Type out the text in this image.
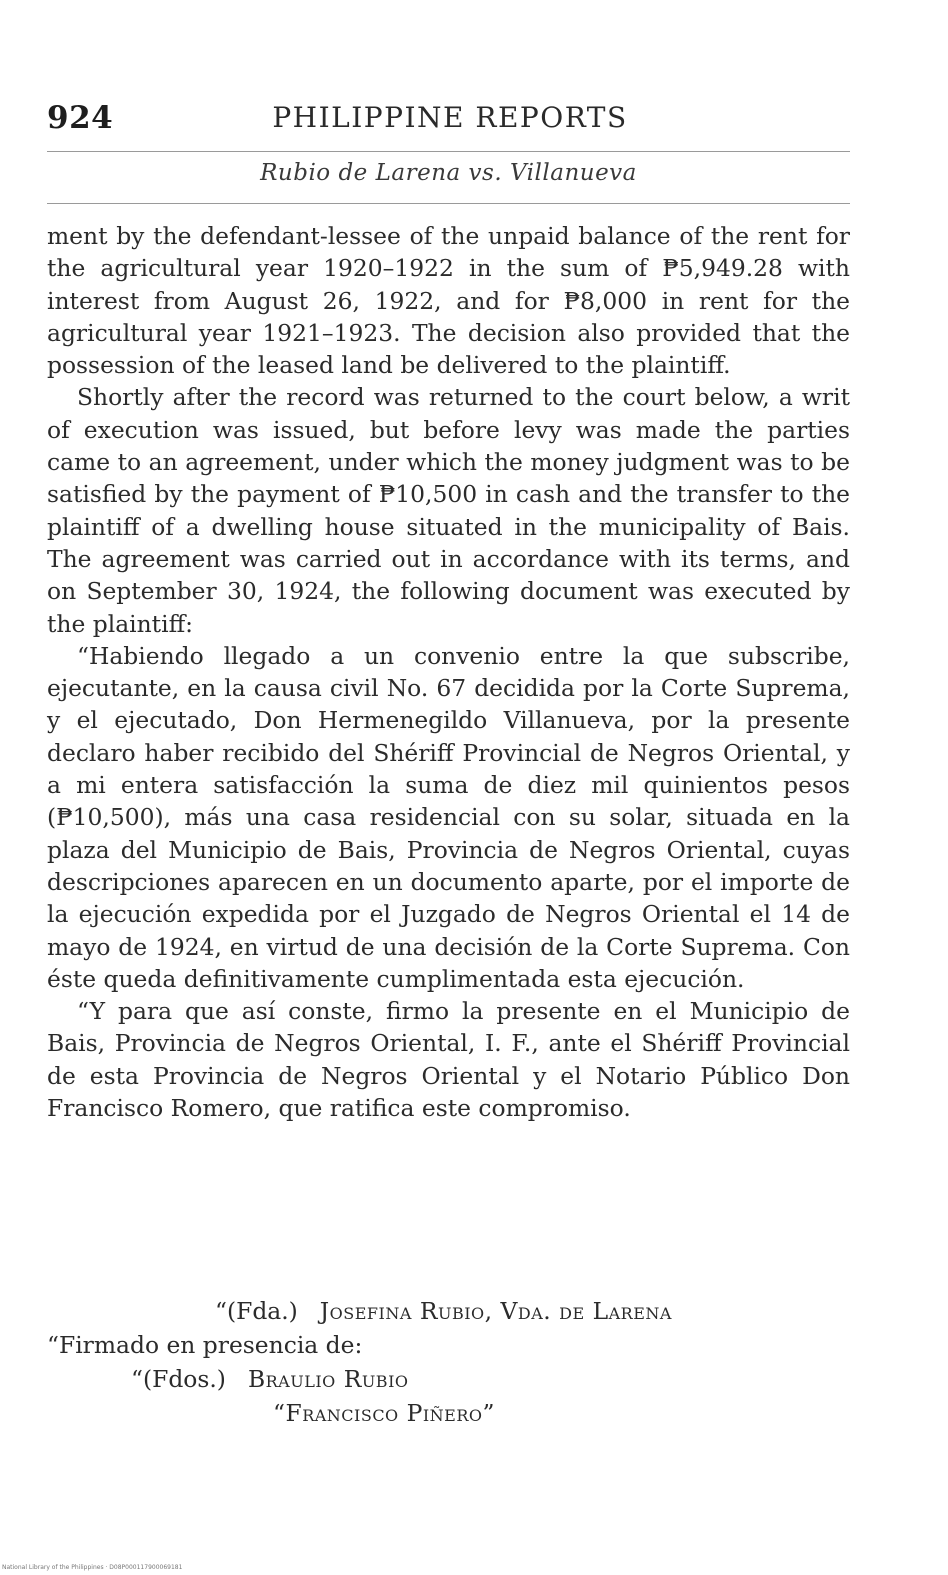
924	PHILIPPINE REPORTS
Rubio de Larena vs. Villanueva

ment by the defendant-lessee of the unpaid balance of the rent for the agricultural year 1920–1922 in the sum of ₱5,949.28 with interest from August 26, 1922, and for ₱8,000 in rent for the agricultural year 1921–1923. The decision also provided that the possession of the leased land be delivered to the plaintiff.

Shortly after the record was returned to the court below, a writ of execution was issued, but before levy was made the parties came to an agreement, under which the money judgment was to be satisfied by the payment of ₱10,500 in cash and the transfer to the plaintiff of a dwelling house situated in the municipality of Bais. The agreement was carried out in accordance with its terms, and on September 30, 1924, the following document was executed by the plaintiff:

“Habiendo llegado a un convenio entre la que subscribe, ejecutante, en la causa civil No. 67 decidida por la Corte Suprema, y el ejecutado, Don Hermenegildo Villanueva, por la presente declaro haber recibido del Shériff Provincial de Negros Oriental, y a mi entera satisfacción la suma de diez mil quinientos pesos (₱10,500), más una casa residencial con su solar, situada en la plaza del Municipio de Bais, Provincia de Negros Oriental, cuyas descripciones aparecen en un documento aparte, por el importe de la ejecución expedida por el Juzgado de Negros Oriental el 14 de mayo de 1924, en virtud de una decisión de la Corte Suprema. Con éste queda definitivamente cumplimentada esta ejecución.

“Y para que así conste, firmo la presente en el Municipio de Bais, Provincia de Negros Oriental, I. F., ante el Shériff Provincial de esta Provincia de Negros Oriental y el Notario Público Don Francisco Romero, que ratifica este compromiso.

“(Fda.) Josefina Rubio, Vda. de Larena
“Firmado en presencia de:
“(Fdos.) Braulio Rubio
“Francisco Piñero”
National Library of the Philippines · D08P000117900069181
